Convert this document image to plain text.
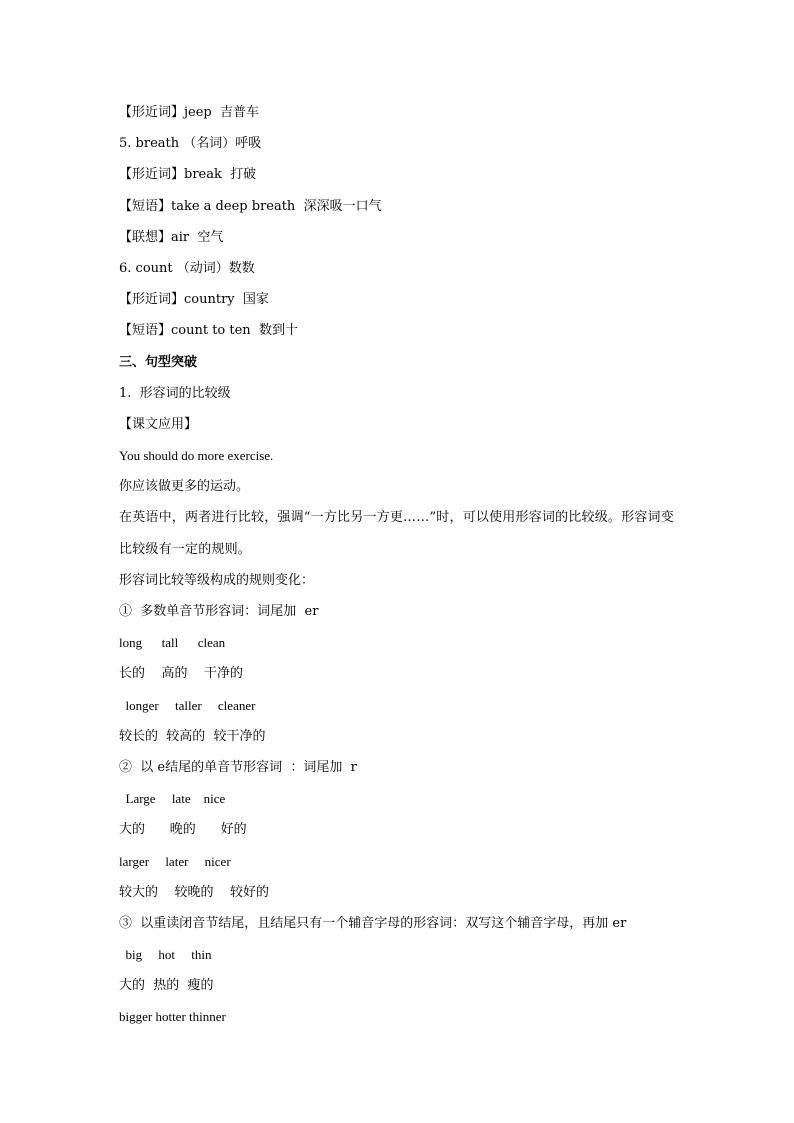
【形近词】jeep  吉普车
5. breath （名词）呼吸
【形近词】break  打破
【短语】take a deep breath  深深吸一口气
【联想】air  空气
6. count （动词）数数
【形近词】country  国家
【短语】count to ten  数到十
三、句型突破
1.  形容词的比较级
【课文应用】
You should do more exercise.
你应该做更多的运动。
在英语中，两者进行比较，强调“一方比另一方更……”时，可以使用形容词的比较级。形容词变比较级有一定的规则。
形容词比较等级构成的规则变化：
①  多数单音节形容词：词尾加  er
long      tall      clean
长的    高的    干净的
longer     taller     cleaner
较长的  较高的  较干净的
②  以 e结尾的单音节形容词  ：词尾加  r
Large     late    nice
大的      晚的      好的
larger     later     nicer
较大的    较晚的    较好的
③  以重读闭音节结尾，且结尾只有一个辅音字母的形容词：双写这个辅音字母，再加 er
big     hot     thin
大的  热的  瘦的
bigger hotter thinner
